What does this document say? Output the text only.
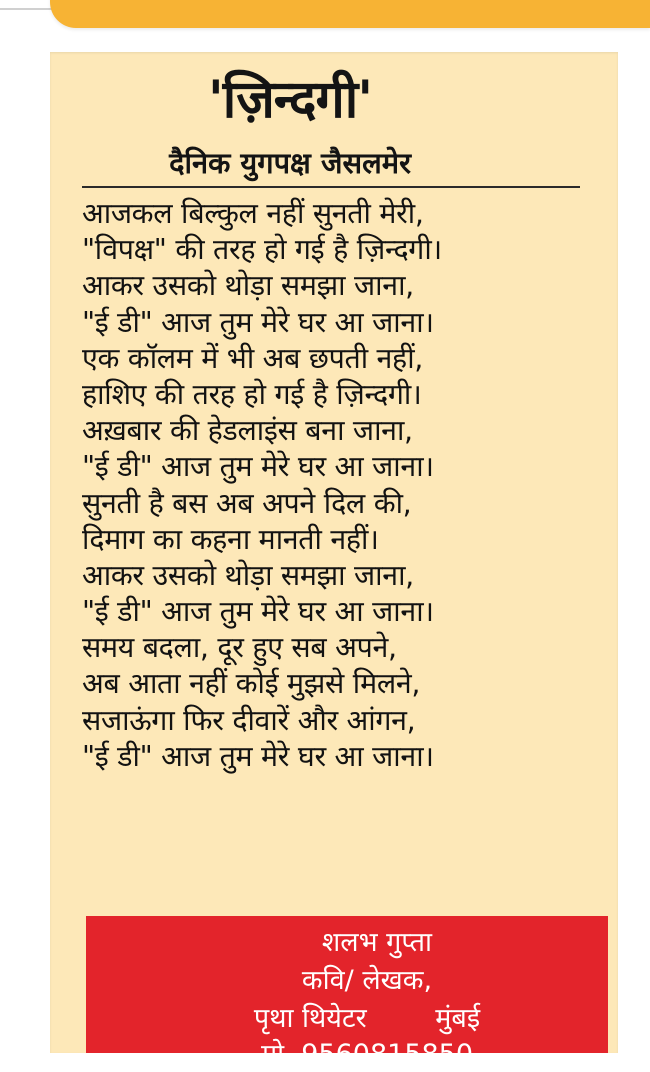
'ज़िन्दगी'
दैनिक युगपक्ष जैसलमेर
आजकल बिल्कुल नहीं सुनती मेरी,
"विपक्ष" की तरह हो गई है ज़िन्दगी।
आकर उसको थोड़ा समझा जाना,
"ई डी" आज तुम मेरे घर आ जाना।
एक कॉलम में भी अब छपती नहीं,
हाशिए की तरह हो गई है ज़िन्दगी।
अख़बार की हेडलाइंस बना जाना,
"ई डी" आज तुम मेरे घर आ जाना।
सुनती है बस अब अपने दिल की,
दिमाग का कहना मानती नहीं।
आकर उसको थोड़ा समझा जाना,
"ई डी" आज तुम मेरे घर आ जाना।
समय बदला, दूर हुए सब अपने,
अब आता नहीं कोई मुझसे मिलने,
सजाऊंगा फिर दीवारें और आंगन,
"ई डी" आज तुम मेरे घर आ जाना।
शलभ गुप्ता
कवि/ लेखक,
पृथा थियेटर        मुंबई
मो. 9560815850
